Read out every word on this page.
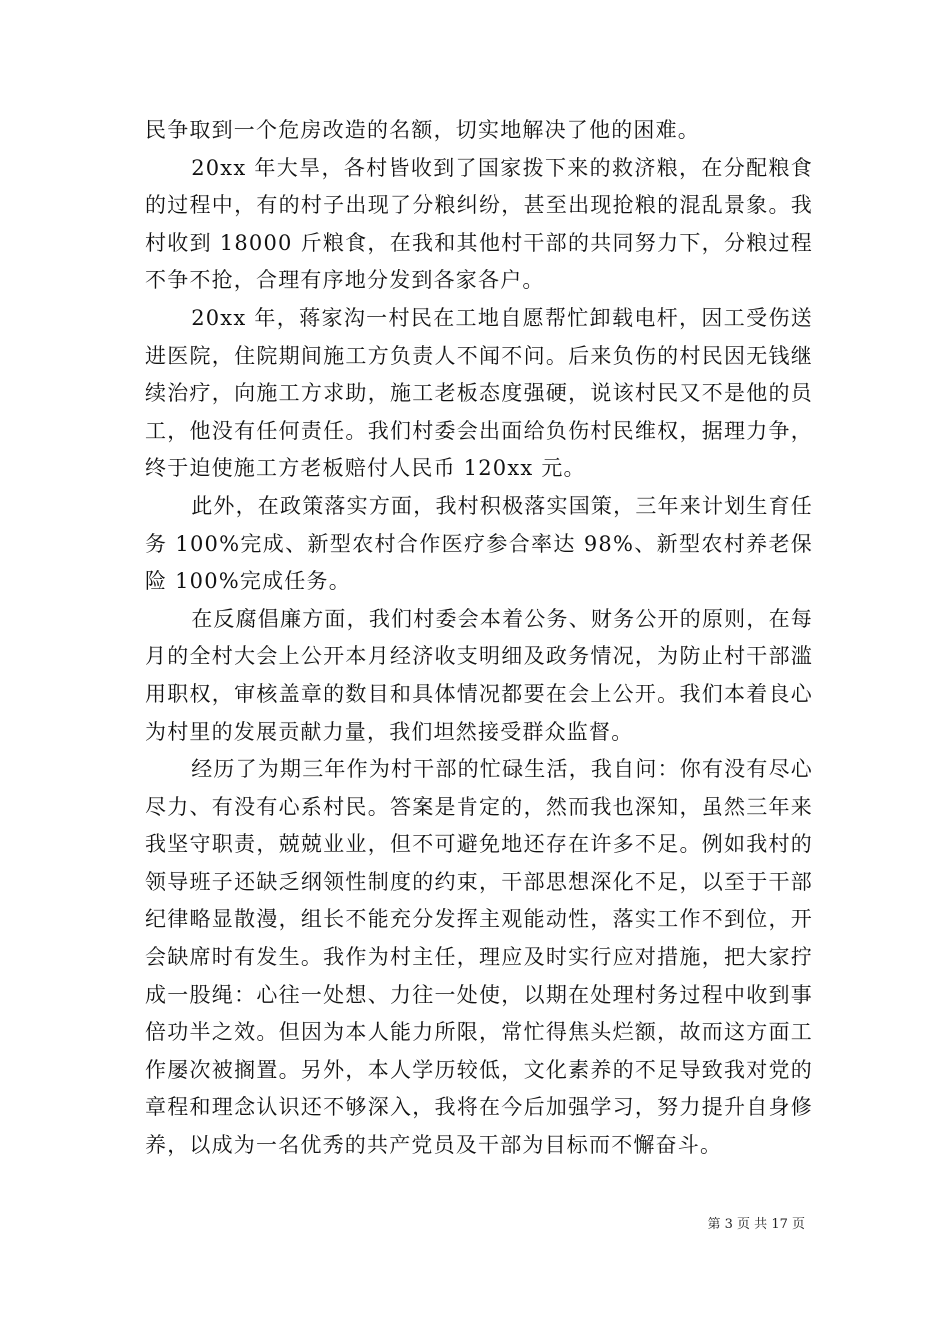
民争取到一个危房改造的名额，切实地解决了他的困难。

20xx 年大旱，各村皆收到了国家拨下来的救济粮，在分配粮食的过程中，有的村子出现了分粮纠纷，甚至出现抢粮的混乱景象。我村收到 18000 斤粮食，在我和其他村干部的共同努力下，分粮过程不争不抢，合理有序地分发到各家各户。

20xx 年，蒋家沟一村民在工地自愿帮忙卸载电杆，因工受伤送进医院，住院期间施工方负责人不闻不问。后来负伤的村民因无钱继续治疗，向施工方求助，施工老板态度强硬，说该村民又不是他的员工，他没有任何责任。我们村委会出面给负伤村民维权，据理力争，终于迫使施工方老板赔付人民币 120xx 元。

此外，在政策落实方面，我村积极落实国策，三年来计划生育任务 100%完成、新型农村合作医疗参合率达 98%、新型农村养老保险 100%完成任务。

在反腐倡廉方面，我们村委会本着公务、财务公开的原则，在每月的全村大会上公开本月经济收支明细及政务情况，为防止村干部滥用职权，审核盖章的数目和具体情况都要在会上公开。我们本着良心为村里的发展贡献力量，我们坦然接受群众监督。

经历了为期三年作为村干部的忙碌生活，我自问：你有没有尽心尽力、有没有心系村民。答案是肯定的，然而我也深知，虽然三年来我坚守职责，兢兢业业，但不可避免地还存在许多不足。例如我村的领导班子还缺乏纲领性制度的约束，干部思想深化不足，以至于干部纪律略显散漫，组长不能充分发挥主观能动性，落实工作不到位，开会缺席时有发生。我作为村主任，理应及时实行应对措施，把大家拧成一股绳：心往一处想、力往一处使，以期在处理村务过程中收到事倍功半之效。但因为本人能力所限，常忙得焦头烂额，故而这方面工作屡次被搁置。另外，本人学历较低，文化素养的不足导致我对党的章程和理念认识还不够深入，我将在今后加强学习，努力提升自身修养，以成为一名优秀的共产党员及干部为目标而不懈奋斗。

第 3 页 共 17 页
